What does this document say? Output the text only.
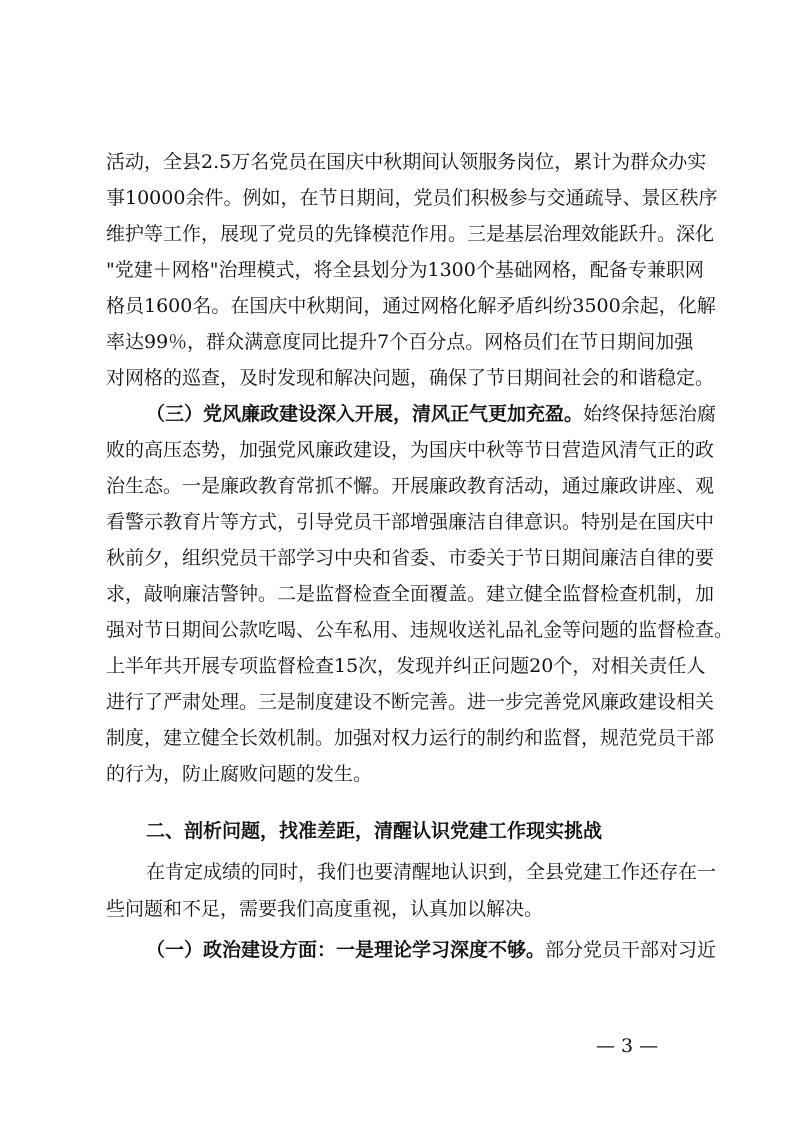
活动，全县2.5万名党员在国庆中秋期间认领服务岗位，累计为群众办实
事10000余件。例如，在节日期间，党员们积极参与交通疏导、景区秩序
维护等工作，展现了党员的先锋模范作用。三是基层治理效能跃升。深化
"党建＋网格"治理模式，将全县划分为1300个基础网格，配备专兼职网
格员1600名。在国庆中秋期间，通过网格化解矛盾纠纷3500余起，化解
率达99％，群众满意度同比提升7个百分点。网格员们在节日期间加强
对网格的巡查，及时发现和解决问题，确保了节日期间社会的和谐稳定。
（三）党风廉政建设深入开展，清风正气更加充盈。始终保持惩治腐
败的高压态势，加强党风廉政建设，为国庆中秋等节日营造风清气正的政
治生态。一是廉政教育常抓不懈。开展廉政教育活动，通过廉政讲座、观
看警示教育片等方式，引导党员干部增强廉洁自律意识。特别是在国庆中
秋前夕，组织党员干部学习中央和省委、市委关于节日期间廉洁自律的要
求，敲响廉洁警钟。二是监督检查全面覆盖。建立健全监督检查机制，加
强对节日期间公款吃喝、公车私用、违规收送礼品礼金等问题的监督检查。
上半年共开展专项监督检查15次，发现并纠正问题20个，对相关责任人
进行了严肃处理。三是制度建设不断完善。进一步完善党风廉政建设相关
制度，建立健全长效机制。加强对权力运行的制约和监督，规范党员干部
的行为，防止腐败问题的发生。
二、剖析问题，找准差距，清醒认识党建工作现实挑战
在肯定成绩的同时，我们也要清醒地认识到，全县党建工作还存在一
些问题和不足，需要我们高度重视，认真加以解决。
（一）政治建设方面：一是理论学习深度不够。部分党员干部对习近
— 3 —
